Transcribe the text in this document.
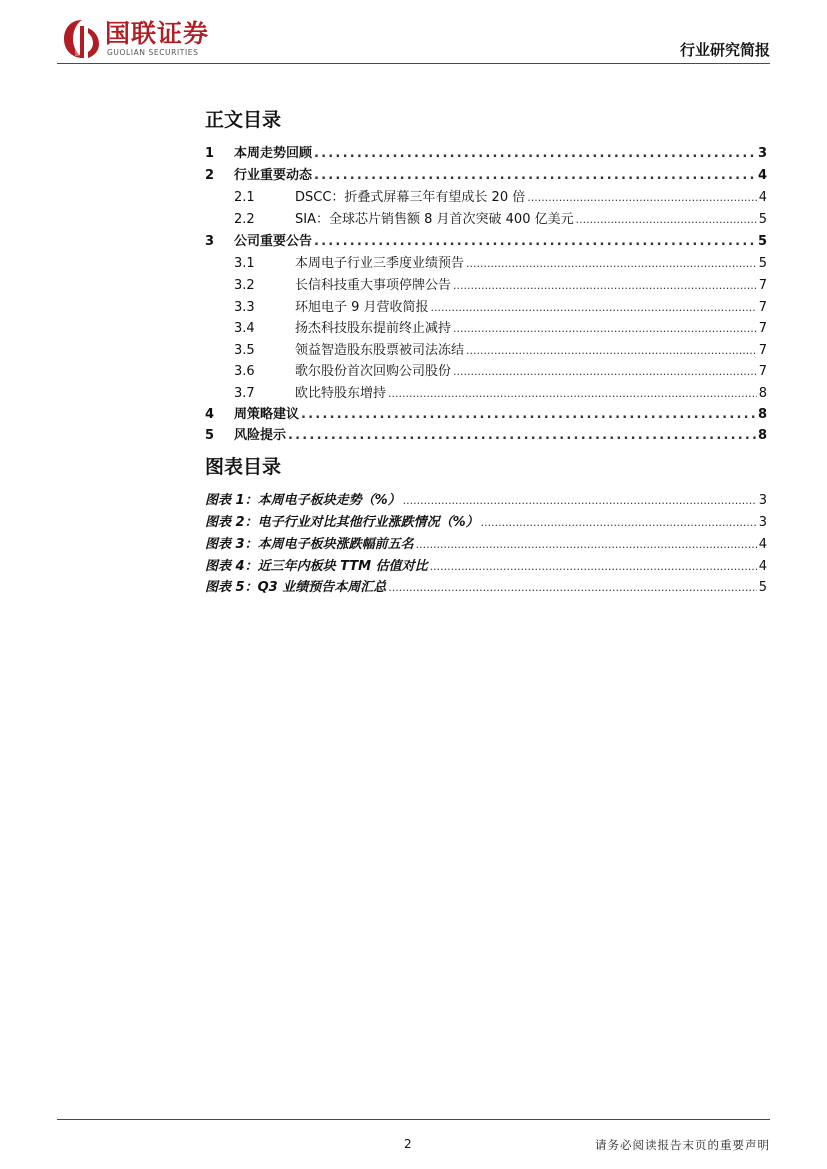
国联证券
GUOLIAN SECURITIES	行业研究简报
正文目录
1	本周走势回顾 .....	3
2	行业重要动态 .....	4
2.1	DSCC：折叠式屏幕三年有望成长 20 倍 .....	4
2.2	SIA：全球芯片销售额 8 月首次突破 400 亿美元 .....	5
3	公司重要公告 .....	5
3.1	本周电子行业三季度业绩预告 .....	5
3.2	长信科技重大事项停牌公告 .....	7
3.3	环旭电子 9 月营收简报 .....	7
3.4	扬杰科技股东提前终止减持 .....	7
3.5	领益智造股东股票被司法冻结 .....	7
3.6	歌尔股份首次回购公司股份 .....	7
3.7	欧比特股东增持 .....	8
4	周策略建议 .....	8
5	风险提示 .....	8
图表目录
图表 1：本周电子板块走势（%） .....	3
图表 2：电子行业对比其他行业涨跌情况（%） .....	3
图表 3：本周电子板块涨跌幅前五名 .....	4
图表 4：近三年内板块 TTM 估值对比 .....	4
图表 5：Q3 业绩预告本周汇总 .....	5
2	请务必阅读报告末页的重要声明
